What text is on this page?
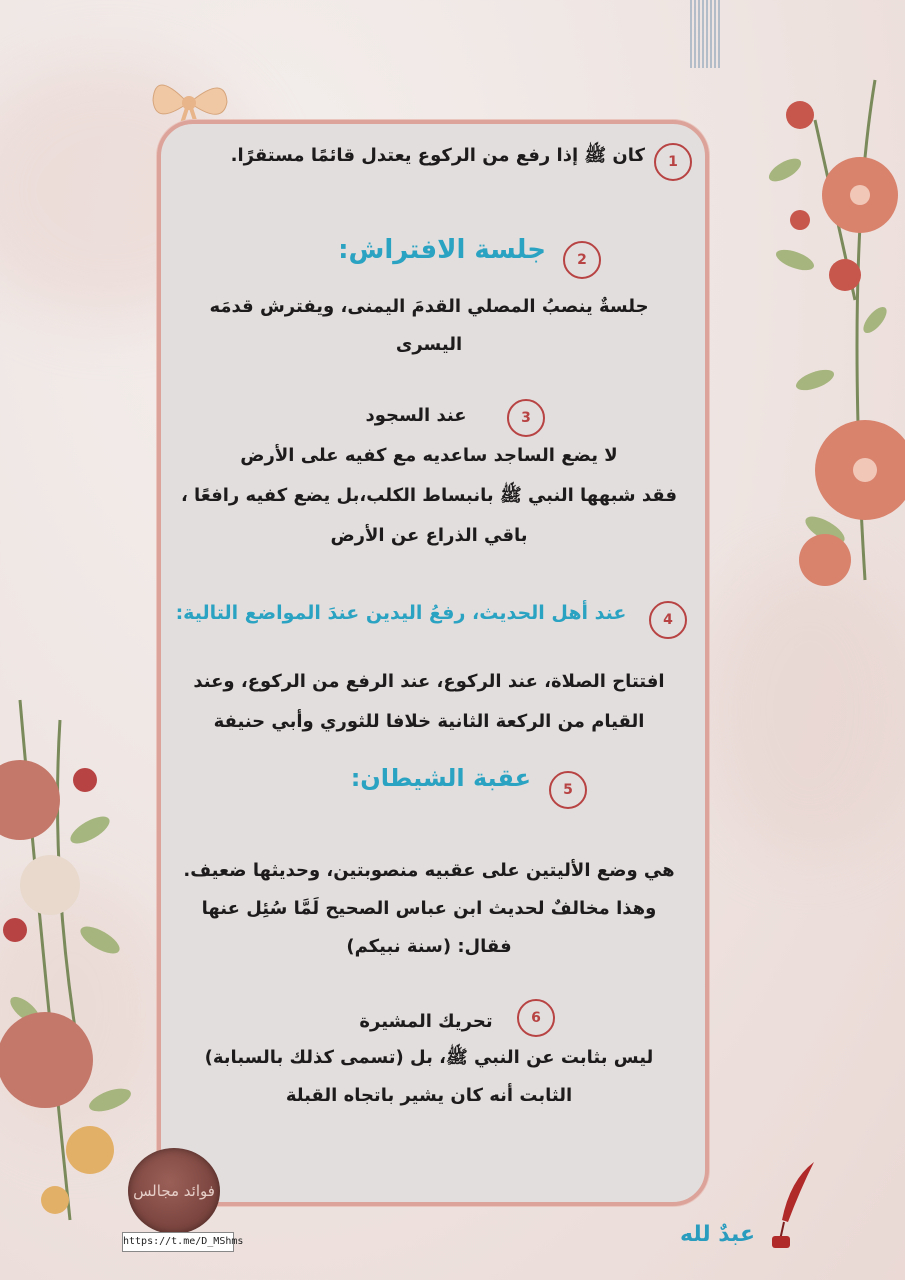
1
كان ﷺ إذا رفع من الركوع يعتدل قائمًا مستقرًا.
2
جلسة الافتراش:
جلسةٌ ينصبُ المصلي القدمَ اليمنى، ويفترش قدمَه
اليسرى
3
عند السجود
لا يضع الساجد ساعديه مع كفيه على الأرض
فقد شبهها النبي ﷺ بانبساط الكلب،بل يضع كفيه رافعًا ،
باقي الذراع عن الأرض
4
عند أهل الحديث، رفعُ اليدين عندَ المواضع التالية:
افتتاح الصلاة، عند الركوع، عند الرفع من الركوع، وعند
القيام من الركعة الثانية خلافا للثوري وأبي حنيفة
5
عقبة الشيطان:
هي وضع الأليتين على عقبيه منصوبتين، وحديثها ضعيف.
وهذا مخالفٌ لحديث ابن عباس الصحيح لَمَّا سُئِل عنها
فقال: (سنة نبيكم)
6
تحريك المشيرة
ليس بثابت عن النبي ﷺ، بل (تسمى كذلك بالسبابة)
الثابت أنه كان يشير باتجاه القبلة
فوائد مجالس
https://t.me/D_MShms	عبدٌ لله
